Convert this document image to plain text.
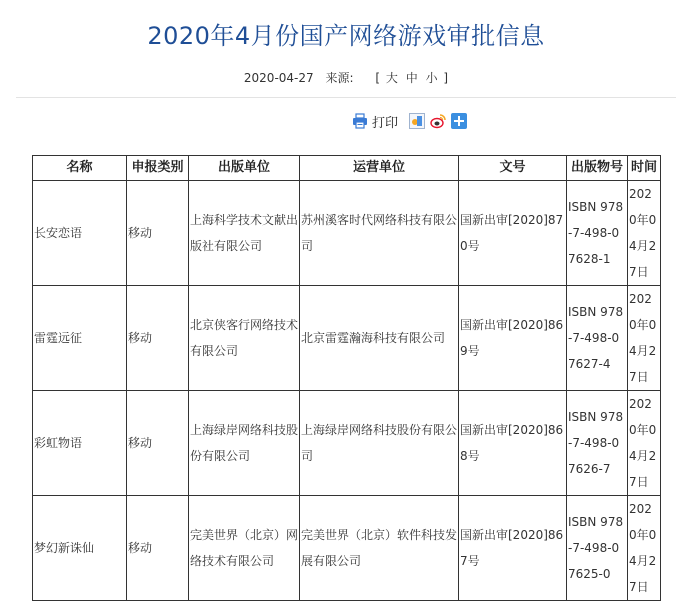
2020年4月份国产网络游戏审批信息
2020-04-27 来源: [ 大 中 小 ]
打印
名称	申报类别	出版单位	运营单位	文号	出版物号	时间
长安恋语	移动	上海科学技术文献出版社有限公司	苏州溪客时代网络科技有限公司	国新出审[2020]870号	ISBN 978-7-498-07628-1	2020年04月27日
雷霆远征	移动	北京侠客行网络技术有限公司	北京雷霆瀚海科技有限公司	国新出审[2020]869号	ISBN 978-7-498-07627-4	2020年04月27日
彩虹物语	移动	上海绿岸网络科技股份有限公司	上海绿岸网络科技股份有限公司	国新出审[2020]868号	ISBN 978-7-498-07626-7	2020年04月27日
梦幻新诛仙	移动	完美世界（北京）网络技术有限公司	完美世界（北京）软件科技发展有限公司	国新出审[2020]867号	ISBN 978-7-498-07625-0	2020年04月27日
